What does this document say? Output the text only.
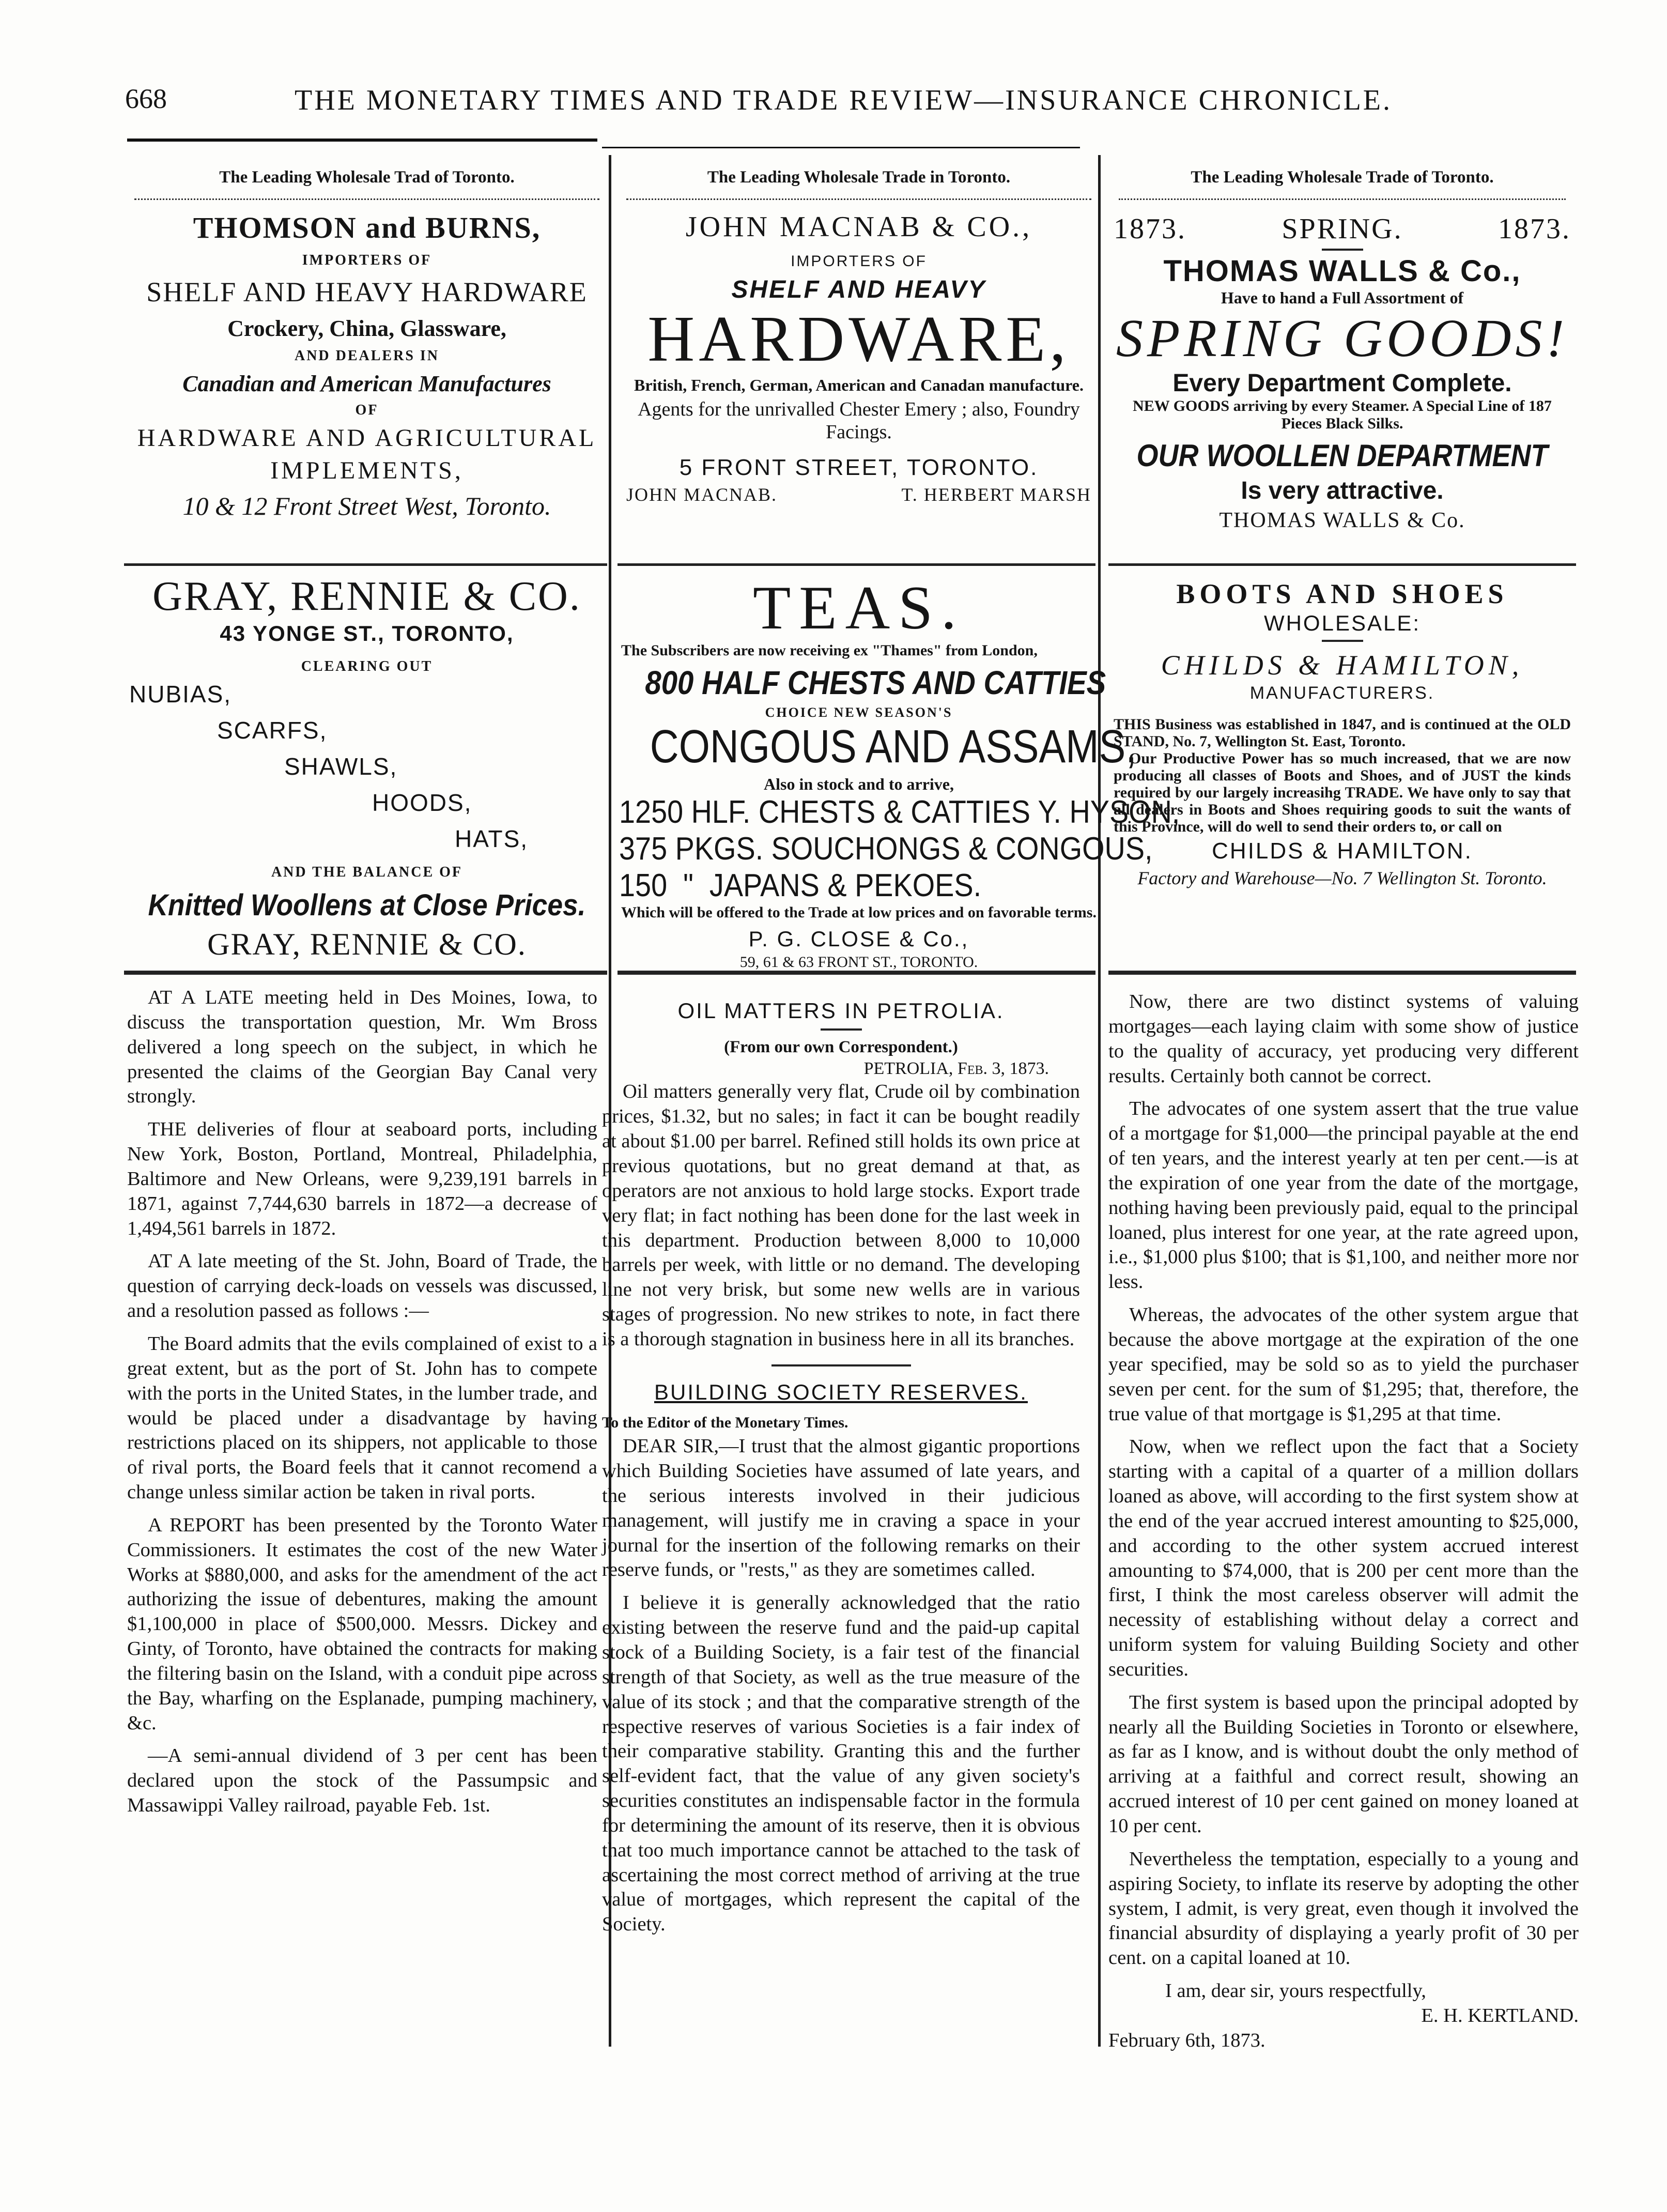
668	THE MONETARY TIMES AND TRADE REVIEW—INSURANCE CHRONICLE.
The Leading Wholesale Trad of Toronto.
THOMSON and BURNS,
IMPORTERS OF
SHELF AND HEAVY HARDWARE
Crockery, China, Glassware,
AND DEALERS IN
Canadian and American Manufactures
OF
HARDWARE AND AGRICULTURAL
IMPLEMENTS,
10 & 12 Front Street West, Toronto.
GRAY, RENNIE & CO.
43 YONGE ST., TORONTO,
CLEARING OUT
NUBIAS,
SCARFS,
SHAWLS,
HOODS,
HATS,
AND THE BALANCE OF
Knitted Woollens at Close Prices.
GRAY, RENNIE & CO.
The Leading Wholesale Trade in Toronto.
JOHN MACNAB & CO.,
IMPORTERS OF
SHELF AND HEAVY
HARDWARE,
British, French, German, American and Canadan manufacture.
Agents for the unrivalled Chester Emery ; also, Foundry Facings.
5 FRONT STREET, TORONTO.
JOHN MACNAB.	T. HERBERT MARSH
TEAS.
The Subscribers are now receiving ex "Thames" from London,
800 HALF CHESTS AND CATTIES
CHOICE NEW SEASON'S
CONGOUS AND ASSAMS,
Also in stock and to arrive,
1250 HLF. CHESTS & CATTIES Y. HYSON,
375 PKGS. SOUCHONGS & CONGOUS,
150  "  JAPANS & PEKOES.
Which will be offered to the Trade at low prices and on favorable terms.
P. G. CLOSE & Co.,
59, 61 & 63 FRONT ST., TORONTO.
The Leading Wholesale Trade of Toronto.
1873.	SPRING.	1873.
THOMAS WALLS & Co.,
Have to hand a Full Assortment of
SPRING GOODS!
Every Department Complete.
NEW GOODS arriving by every Steamer. A Special Line of 187 Pieces Black Silks.
OUR WOOLLEN DEPARTMENT
Is very attractive.
THOMAS WALLS & Co.
BOOTS AND SHOES
WHOLESALE:
CHILDS & HAMILTON,
MANUFACTURERS.
THIS Business was established in 1847, and is continued at the OLD STAND, No. 7, Wellington St. East, Toronto.
Our Productive Power has so much increased, that we are now producing all classes of Boots and Shoes, and of JUST the kinds required by our largely increasihg TRADE. We have only to say that all dealers in Boots and Shoes requiring goods to suit the wants of this Province, will do well to send their orders to, or call on
CHILDS & HAMILTON.
Factory and Warehouse—No. 7 Wellington St. Toronto.

AT A LATE meeting held in Des Moines, Iowa, to discuss the transportation question, Mr. Wm Bross delivered a long speech on the subject, in which he presented the claims of the Georgian Bay Canal very strongly.

THE deliveries of flour at seaboard ports, including New York, Boston, Portland, Montreal, Philadelphia, Baltimore and New Orleans, were 9,239,191 barrels in 1871, against 7,744,630 barrels in 1872—a decrease of 1,494,561 barrels in 1872.

AT A late meeting of the St. John, Board of Trade, the question of carrying deck-loads on vessels was discussed, and a resolution passed as follows :—

The Board admits that the evils complained of exist to a great extent, but as the port of St. John has to compete with the ports in the United States, in the lumber trade, and would be placed under a disadvantage by having restrictions placed on its shippers, not applicable to those of rival ports, the Board feels that it cannot recomend a change unless similar action be taken in rival ports.

A REPORT has been presented by the Toronto Water Commissioners. It estimates the cost of the new Water Works at $880,000, and asks for the amendment of the act authorizing the issue of debentures, making the amount $1,100,000 in place of $500,000. Messrs. Dickey and Ginty, of Toronto, have obtained the contracts for making the filtering basin on the Island, with a conduit pipe across the Bay, wharfing on the Esplanade, pumping machinery, &c.

—A semi-annual dividend of 3 per cent has been declared upon the stock of the Passumpsic and Massawippi Valley railroad, payable Feb. 1st.

OIL MATTERS IN PETROLIA.
(From our own Correspondent.)
PETROLIA, Feb. 3, 1873.

Oil matters generally very flat, Crude oil by combination prices, $1.32, but no sales; in fact it can be bought readily at about $1.00 per barrel. Refined still holds its own price at previous quotations, but no great demand at that, as operators are not anxious to hold large stocks. Export trade very flat; in fact nothing has been done for the last week in this department. Production between 8,000 to 10,000 barrels per week, with little or no demand. The developing line not very brisk, but some new wells are in various stages of progression. No new strikes to note, in fact there is a thorough stagnation in business here in all its branches.

BUILDING SOCIETY RESERVES.
To the Editor of the Monetary Times.

DEAR SIR,—I trust that the almost gigantic proportions which Building Societies have assumed of late years, and the serious interests involved in their judicious management, will justify me in craving a space in your journal for the insertion of the following remarks on their reserve funds, or "rests," as they are sometimes called.

I believe it is generally acknowledged that the ratio existing between the reserve fund and the paid-up capital stock of a Building Society, is a fair test of the financial strength of that Society, as well as the true measure of the value of its stock ; and that the comparative strength of the respective reserves of various Societies is a fair index of their comparative stability. Granting this and the further self-evident fact, that the value of any given society's securities constitutes an indispensable factor in the formula for determining the amount of its reserve, then it is obvious that too much importance cannot be attached to the task of ascertaining the most correct method of arriving at the true value of mortgages, which represent the capital of the Society.

Now, there are two distinct systems of valuing mortgages—each laying claim with some show of justice to the quality of accuracy, yet producing very different results. Certainly both cannot be correct.

The advocates of one system assert that the true value of a mortgage for $1,000—the principal payable at the end of ten years, and the interest yearly at ten per cent.—is at the expiration of one year from the date of the mortgage, nothing having been previously paid, equal to the principal loaned, plus interest for one year, at the rate agreed upon, i.e., $1,000 plus $100; that is $1,100, and neither more nor less.

Whereas, the advocates of the other system argue that because the above mortgage at the expiration of the one year specified, may be sold so as to yield the purchaser seven per cent. for the sum of $1,295; that, therefore, the true value of that mortgage is $1,295 at that time.

Now, when we reflect upon the fact that a Society starting with a capital of a quarter of a million dollars loaned as above, will according to the first system show at the end of the year accrued interest amounting to $25,000, and according to the other system accrued interest amounting to $74,000, that is 200 per cent more than the first, I think the most careless observer will admit the necessity of establishing without delay a correct and uniform system for valuing Building Society and other securities.

The first system is based upon the principal adopted by nearly all the Building Societies in Toronto or elsewhere, as far as I know, and is without doubt the only method of arriving at a faithful and correct result, showing an accrued interest of 10 per cent gained on money loaned at 10 per cent.

Nevertheless the temptation, especially to a young and aspiring Society, to inflate its reserve by adopting the other system, I admit, is very great, even though it involved the financial absurdity of displaying a yearly profit of 30 per cent. on a capital loaned at 10.

I am, dear sir, yours respectfully,

E. H. KERTLAND.

February 6th, 1873.
